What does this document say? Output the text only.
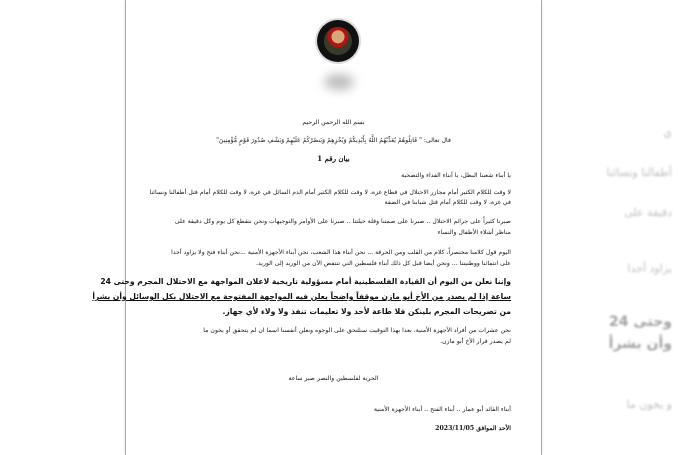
ي

أطفالنا ونسائنا

دقيقة على

يزاود أحدا

وحتى 24

وأن بشرأ

و يخون ما

بسم الله الرحمن الرحيم
قال تعالى: " قَاتِلُوهُمْ يُعَذِّبْهُمُ اللَّهُ بِأَيْدِيكُمْ وَيُخْزِهِمْ وَيَنصُرْكُمْ عَلَيْهِمْ وَيَشْفِ صُدُورَ قَوْمٍ مُّؤْمِنِينَ"
بيان رقم 1
يا أبناء شعبنا البطل، يا أبناء الفداء والتضحية
لا وقت للكلام الكثير أمام مجازر الاحتلال في قطاع غزة، لا وقت للكلام الكثير أمام الدم السائل في غزة، لا وقت للكلام أمام قتل أطفالنا ونسائنا
في غزة، لا وقت للكلام أمام قتل شبابنا في الضفة
صبرنا كثيراً على جرائم الاحتلال .. صبرنا على صمتنا وقلة حيلتنا .. صبرنا على الأوامر والتوجيهات ونحن نتقطع كل يوم وكل دقيقة على
مناظر أشلاء الأطفال والنساء
اليوم قول كلامنا مختصراً، كلام من القلب ومن الحرقة ... نحن أبناء هذا الشعب، نحن أبناء الأجهزة الأمنية ...نحن أبناء فتح ولا يزاود أحدا
على انتمائنا ووطنيتنا ... ونحن أيضا قبل كل ذلك أبناء فلسطين التي تنتفض الآن من الوريد إلى الوريد.
وإننا نعلن من اليوم أن القيادة الفلسطينية أمام مسؤولية تاريخية لاعلان المواجهة مع الاحتلال المجرم وحتى 24
ساعة إذا لم يصدر من الأخ أبو مازن موقفاً واضحاً يعلن فيه المواجهة المفتوحة مع الاحتلال بكل الوسائل وأن بشرأ
من تصريحات المجرم بلينكن فلا طاعة لأحد ولا تعليمات تنفذ ولا ولاء لأي جهاز.
نحن عشرات من أفراد الأجهزة الأمنية، بعدا بهذا التوقيت سنلتحق على الوجوه ونعلن أنفسنا اسما ان لم يتحقق أو يخون ما
لم يصدر قرار الأخ أبو مازن.
الحرية لفلسطين والنصر صبر ساعة
أبناء القائد أبو عمار .. أبناء الفتح .. أبناء الأجهزة الأمنية
الأحد الموافق 2023/11/05
